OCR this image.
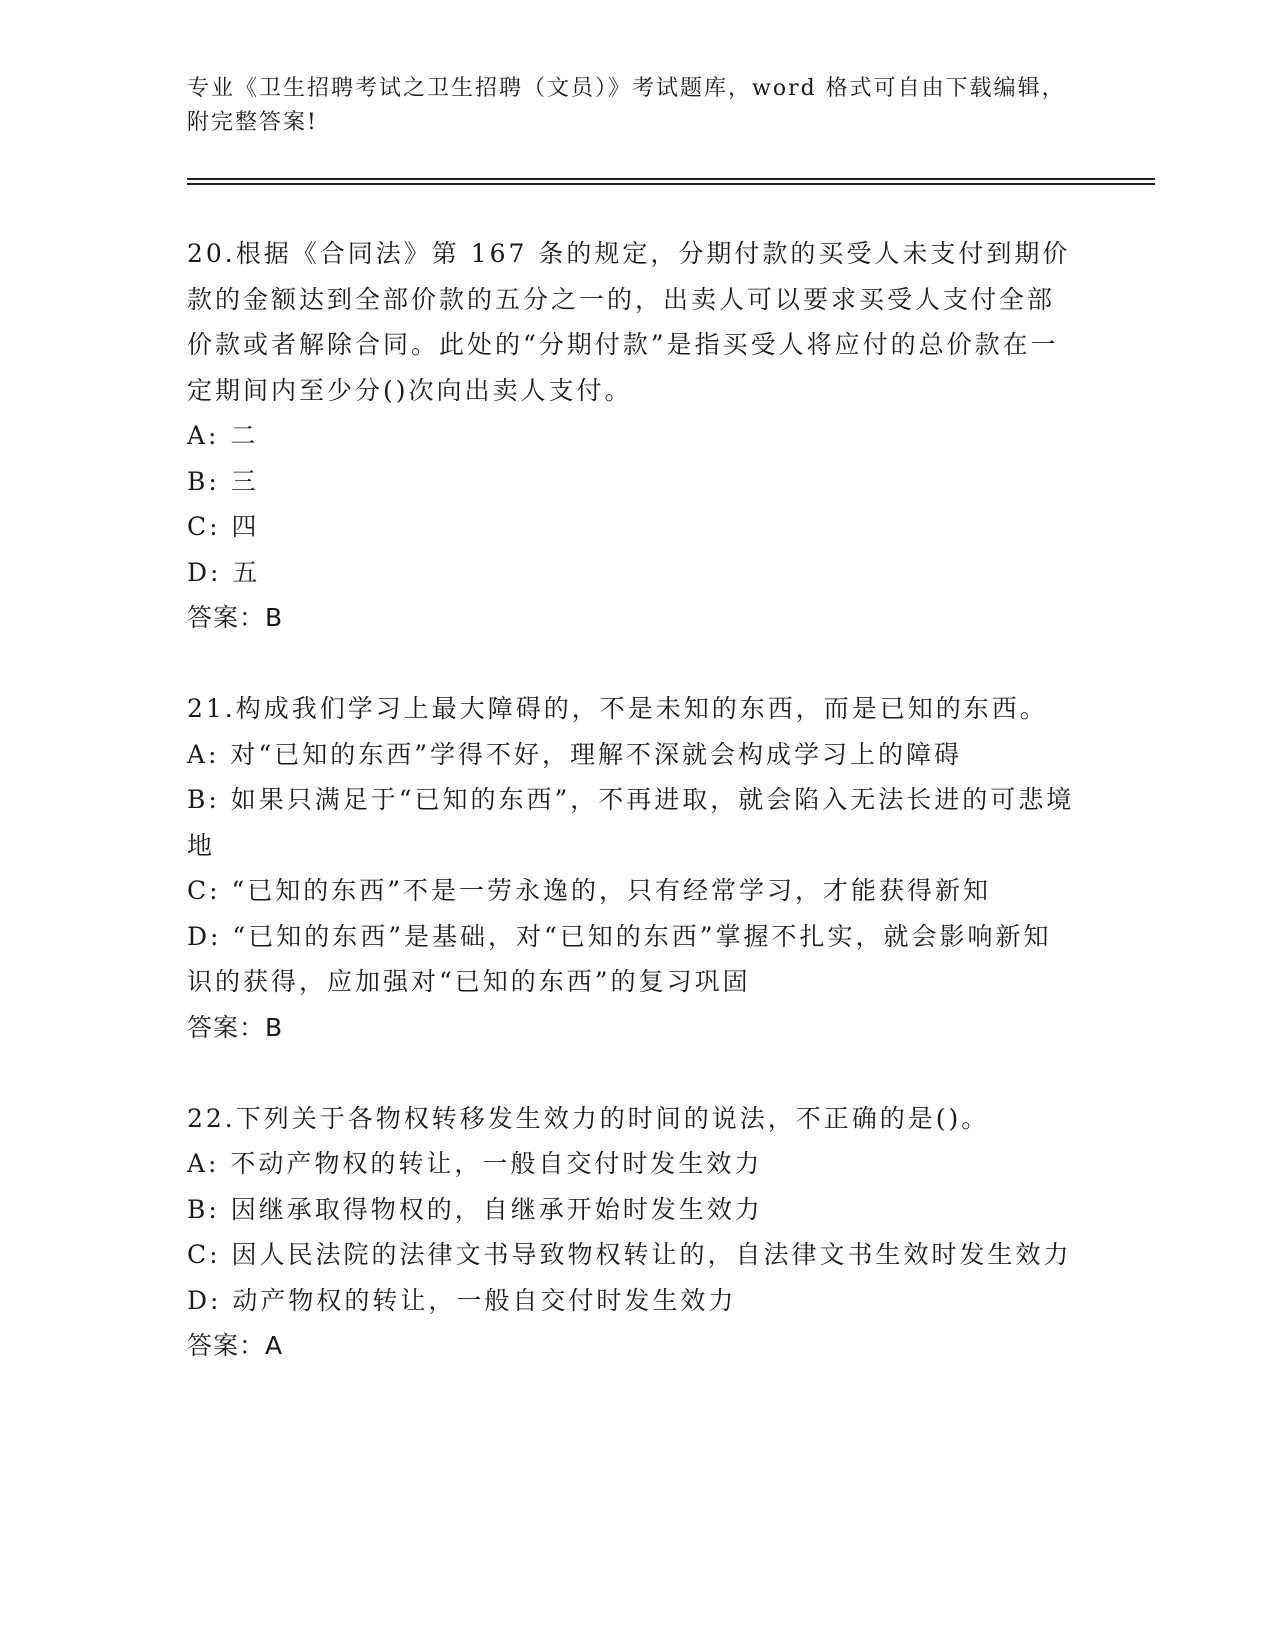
专业《卫生招聘考试之卫生招聘（文员）》考试题库，word 格式可自由下载编辑，附完整答案!

20.根据《合同法》第 167 条的规定，分期付款的买受人未支付到期价款的金额达到全部价款的五分之一的，出卖人可以要求买受人支付全部价款或者解除合同。此处的“分期付款”是指买受人将应付的总价款在一定期间内至少分()次向出卖人支付。

A: 二

B: 三

C: 四

D: 五

答案：B

21.构成我们学习上最大障碍的，不是未知的东西，而是已知的东西。

A: 对“已知的东西”学得不好，理解不深就会构成学习上的障碍

B: 如果只满足于“已知的东西”，不再进取，就会陷入无法长进的可悲境地

C: “已知的东西”不是一劳永逸的，只有经常学习，才能获得新知

D: “已知的东西”是基础，对“已知的东西”掌握不扎实，就会影响新知识的获得，应加强对“已知的东西”的复习巩固

答案：B

22.下列关于各物权转移发生效力的时间的说法，不正确的是()。

A: 不动产物权的转让，一般自交付时发生效力

B: 因继承取得物权的，自继承开始时发生效力

C: 因人民法院的法律文书导致物权转让的，自法律文书生效时发生效力

D: 动产物权的转让，一般自交付时发生效力

答案：A
